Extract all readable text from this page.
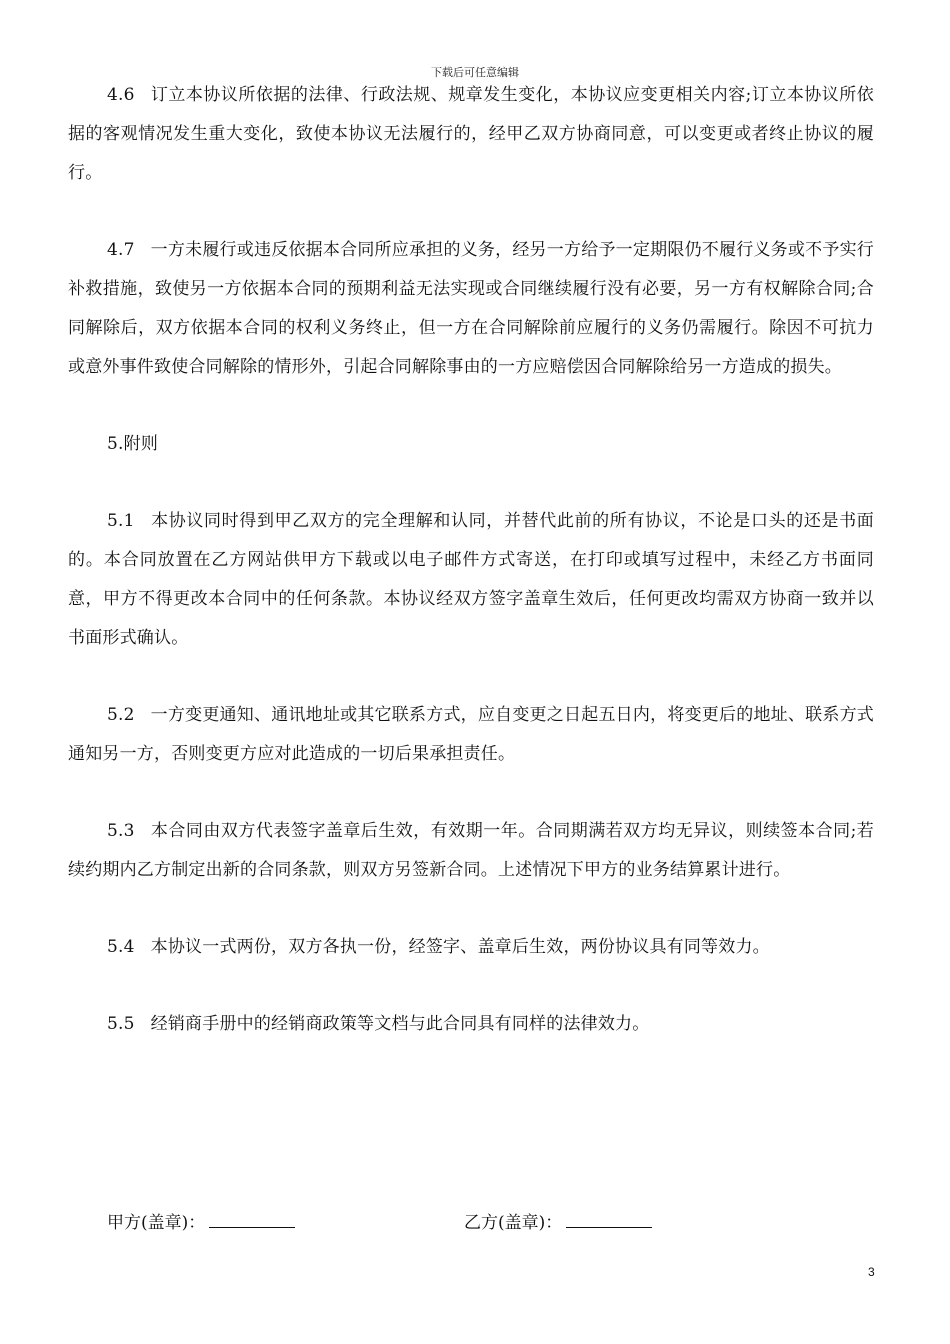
下载后可任意编辑

4.6 订立本协议所依据的法律、行政法规、规章发生变化，本协议应变更相关内容;订立本协议所依据的客观情况发生重大变化，致使本协议无法履行的，经甲乙双方协商同意，可以变更或者终止协议的履行。

4.7 一方未履行或违反依据本合同所应承担的义务，经另一方给予一定期限仍不履行义务或不予实行补救措施，致使另一方依据本合同的预期利益无法实现或合同继续履行没有必要，另一方有权解除合同;合同解除后，双方依据本合同的权利义务终止，但一方在合同解除前应履行的义务仍需履行。除因不可抗力或意外事件致使合同解除的情形外，引起合同解除事由的一方应赔偿因合同解除给另一方造成的损失。

5.附则

5.1 本协议同时得到甲乙双方的完全理解和认同，并替代此前的所有协议，不论是口头的还是书面的。本合同放置在乙方网站供甲方下载或以电子邮件方式寄送，在打印或填写过程中，未经乙方书面同意，甲方不得更改本合同中的任何条款。本协议经双方签字盖章生效后，任何更改均需双方协商一致并以书面形式确认。

5.2 一方变更通知、通讯地址或其它联系方式，应自变更之日起五日内，将变更后的地址、联系方式通知另一方，否则变更方应对此造成的一切后果承担责任。

5.3 本合同由双方代表签字盖章后生效，有效期一年。合同期满若双方均无异议，则续签本合同;若续约期内乙方制定出新的合同条款，则双方另签新合同。上述情况下甲方的业务结算累计进行。

5.4 本协议一式两份，双方各执一份，经签字、盖章后生效，两份协议具有同等效力。

5.5 经销商手册中的经销商政策等文档与此合同具有同样的法律效力。

甲方(盖章)：	乙方(盖章)：
3
